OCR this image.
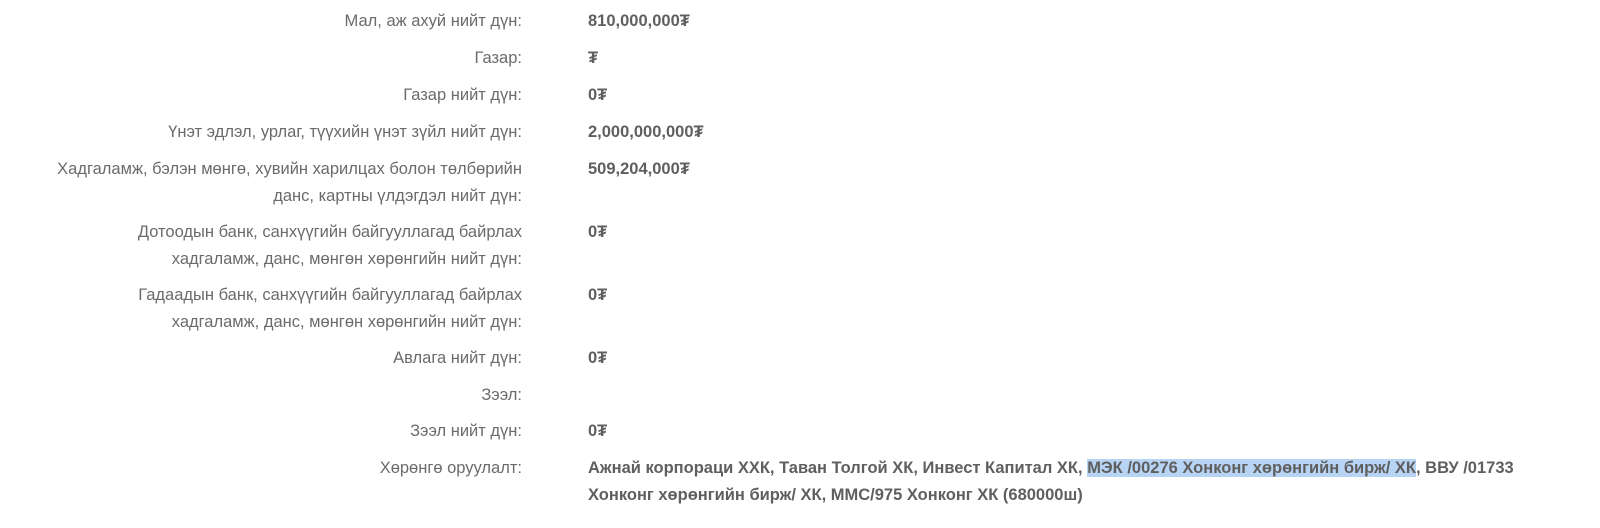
Мал, аж ахуй нийт дүн:	810,000,000₮
Газар:	₮
Газар нийт дүн:	0₮
Үнэт эдлэл, урлаг, түүхийн үнэт зүйл нийт дүн:	2,000,000,000₮
Хадгаламж, бэлэн мөнгө, хувийн харилцах болон төлбөрийн
данс, картны үлдэгдэл нийт дүн:
509,204,000₮
Дотоодын банк, санхүүгийн байгууллагад байрлах
хадгаламж, данс, мөнгөн хөрөнгийн нийт дүн:
0₮
Гадаадын банк, санхүүгийн байгууллагад байрлах
хадгаламж, данс, мөнгөн хөрөнгийн нийт дүн:
0₮
Авлага нийт дүн:	0₮
Зээл:
Зээл нийт дүн:	0₮
Хөрөнгө оруулалт:	Ажнай корпораци ХХК, Таван Толгой ХК, Инвест Капитал ХК, МЭК /00276 Хонконг хөрөнгийн бирж/ ХК, ВВУ /01733 Хонконг хөрөнгийн бирж/ ХК, ММС/975 Хонконг ХК (680000ш)
